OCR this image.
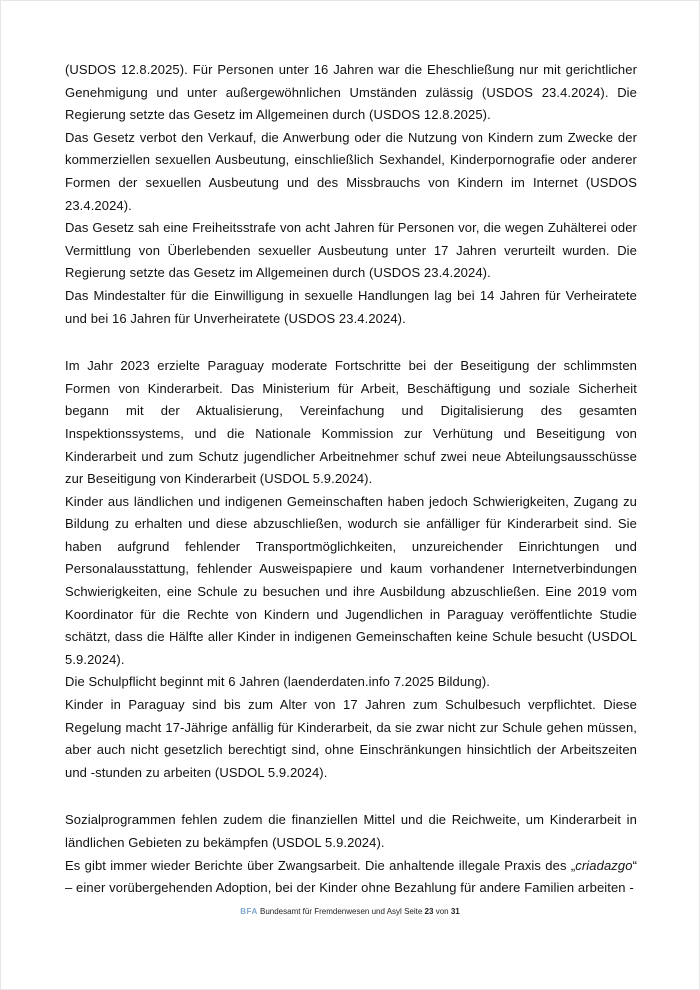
(USDOS 12.8.2025). Für Personen unter 16 Jahren war die Eheschließung nur mit gerichtlicher Genehmigung und unter außergewöhnlichen Umständen zulässig (USDOS 23.4.2024). Die Regierung setzte das Gesetz im Allgemeinen durch (USDOS 12.8.2025).

Das Gesetz verbot den Verkauf, die Anwerbung oder die Nutzung von Kindern zum Zwecke der kommerziellen sexuellen Ausbeutung, einschließlich Sexhandel, Kinderpornografie oder anderer Formen der sexuellen Ausbeutung und des Missbrauchs von Kindern im Internet (USDOS 23.4.2024).

Das Gesetz sah eine Freiheitsstrafe von acht Jahren für Personen vor, die wegen Zuhälterei oder Vermittlung von Überlebenden sexueller Ausbeutung unter 17 Jahren verurteilt wurden. Die Regierung setzte das Gesetz im Allgemeinen durch (USDOS 23.4.2024).

Das Mindestalter für die Einwilligung in sexuelle Handlungen lag bei 14 Jahren für Verheiratete und bei 16 Jahren für Unverheiratete (USDOS 23.4.2024).

Im Jahr 2023 erzielte Paraguay moderate Fortschritte bei der Beseitigung der schlimmsten Formen von Kinderarbeit. Das Ministerium für Arbeit, Beschäftigung und soziale Sicherheit begann mit der Aktualisierung, Vereinfachung und Digitalisierung des gesamten Inspektionssystems, und die Nationale Kommission zur Verhütung und Beseitigung von Kinderarbeit und zum Schutz jugendlicher Arbeitnehmer schuf zwei neue Abteilungsausschüsse zur Beseitigung von Kinderarbeit (USDOL 5.9.2024).

Kinder aus ländlichen und indigenen Gemeinschaften haben jedoch Schwierigkeiten, Zugang zu Bildung zu erhalten und diese abzuschließen, wodurch sie anfälliger für Kinderarbeit sind. Sie haben aufgrund fehlender Transportmöglichkeiten, unzureichender Einrichtungen und Personalausstattung, fehlender Ausweispapiere und kaum vorhandener Internetverbindungen Schwierigkeiten, eine Schule zu besuchen und ihre Ausbildung abzuschließen. Eine 2019 vom Koordinator für die Rechte von Kindern und Jugendlichen in Paraguay veröffentlichte Studie schätzt, dass die Hälfte aller Kinder in indigenen Gemeinschaften keine Schule besucht (USDOL 5.9.2024).

Die Schulpflicht beginnt mit 6 Jahren (laenderdaten.info 7.2025 Bildung).

Kinder in Paraguay sind bis zum Alter von 17 Jahren zum Schulbesuch verpflichtet. Diese Regelung macht 17-Jährige anfällig für Kinderarbeit, da sie zwar nicht zur Schule gehen müssen, aber auch nicht gesetzlich berechtigt sind, ohne Einschränkungen hinsichtlich der Arbeitszeiten und -stunden zu arbeiten (USDOL 5.9.2024).

Sozialprogrammen fehlen zudem die finanziellen Mittel und die Reichweite, um Kinderarbeit in ländlichen Gebieten zu bekämpfen (USDOL 5.9.2024).

Es gibt immer wieder Berichte über Zwangsarbeit. Die anhaltende illegale Praxis des „criadazgo“ – einer vorübergehenden Adoption, bei der Kinder ohne Bezahlung für andere Familien arbeiten -

BFA Bundesamt für Fremdenwesen und Asyl Seite 23 von 31
